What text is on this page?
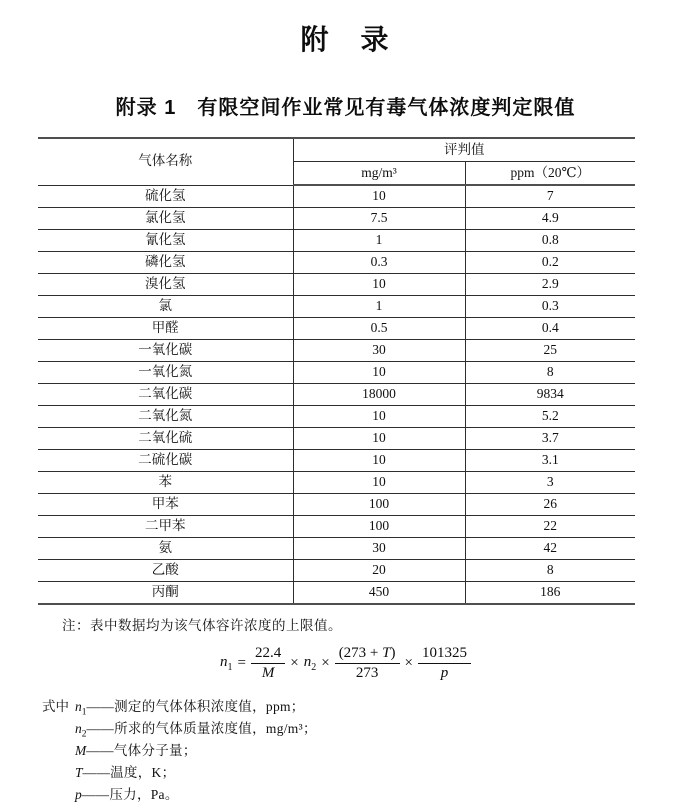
附　录
附录 1　有限空间作业常见有毒气体浓度判定限值
气体名称	评判值	
	mg/m³	ppm（20℃）
硫化氢	10	7
氯化氢	7.5	4.9
氰化氢	1	0.8
磷化氢	0.3	0.2
溴化氢	10	2.9
氯	1	0.3
甲醛	0.5	0.4
一氧化碳	30	25
一氧化氮	10	8
二氧化碳	18000	9834
二氧化氮	10	5.2
二氧化硫	10	3.7
二硫化碳	10	3.1
苯	10	3
甲苯	100	26
二甲苯	100	22
氨	30	42
乙酸	20	8
丙酮	450	186
注：表中数据均为该气体容许浓度的上限值。
$n_1 = \frac{22.4}{M} \times n_2 \times \frac{(273 + T)}{273} \times \frac{101325}{p}$
式中 $n_1——$测定的气体体积浓度值，ppm；
$n_2——$所求的气体质量浓度值，mg/m³；
M——气体分子量；
T——温度，K；
p——压力，Pa。
